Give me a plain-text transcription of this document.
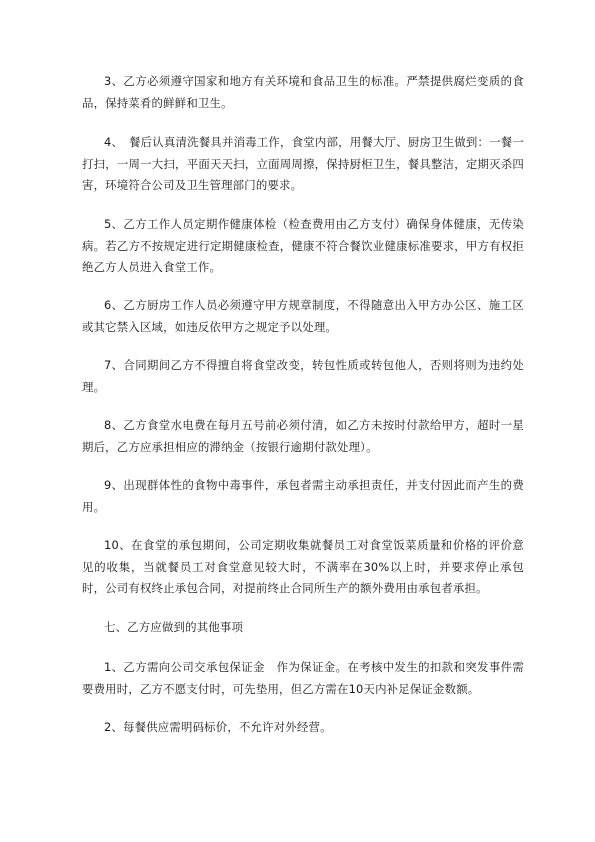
3、乙方必须遵守国家和地方有关环境和食品卫生的标准。严禁提供腐烂变质的食品，保持菜肴的鲜鲜和卫生。

4、　餐后认真清洗餐具并消毒工作，食堂内部，用餐大厅、厨房卫生做到：一餐一打扫，一周一大扫，平面天天扫，立面周周擦，保持厨柜卫生，餐具整洁，定期灭杀四害，环境符合公司及卫生管理部门的要求。

5、乙方工作人员定期作健康体检（检查费用由乙方支付）确保身体健康，无传染病。若乙方不按规定进行定期健康检查，健康不符合餐饮业健康标准要求，甲方有权拒绝乙方人员进入食堂工作。

6、乙方厨房工作人员必须遵守甲方规章制度，不得随意出入甲方办公区、施工区或其它禁入区域，如违反依甲方之规定予以处理。

7、合同期间乙方不得擅自将食堂改变，转包性质或转包他人，否则将则为违约处理。

8、乙方食堂水电费在每月五号前必须付清，如乙方未按时付款给甲方，超时一星期后，乙方应承担相应的滞纳金（按银行逾期付款处理）。

9、出现群体性的食物中毒事件，承包者需主动承担责任，并支付因此而产生的费用。

10、在食堂的承包期间，公司定期收集就餐员工对食堂饭菜质量和价格的评价意见的收集，当就餐员工对食堂意见较大时，不满率在30%以上时，并要求停止承包时，公司有权终止承包合同，对提前终止合同所生产的额外费用由承包者承担。

七、乙方应做到的其他事项

1、乙方需向公司交承包保证金　作为保证金。在考核中发生的扣款和突发事件需要费用时，乙方不愿支付时，可先垫用，但乙方需在10天内补足保证金数额。

2、每餐供应需明码标价，不允许对外经营。
